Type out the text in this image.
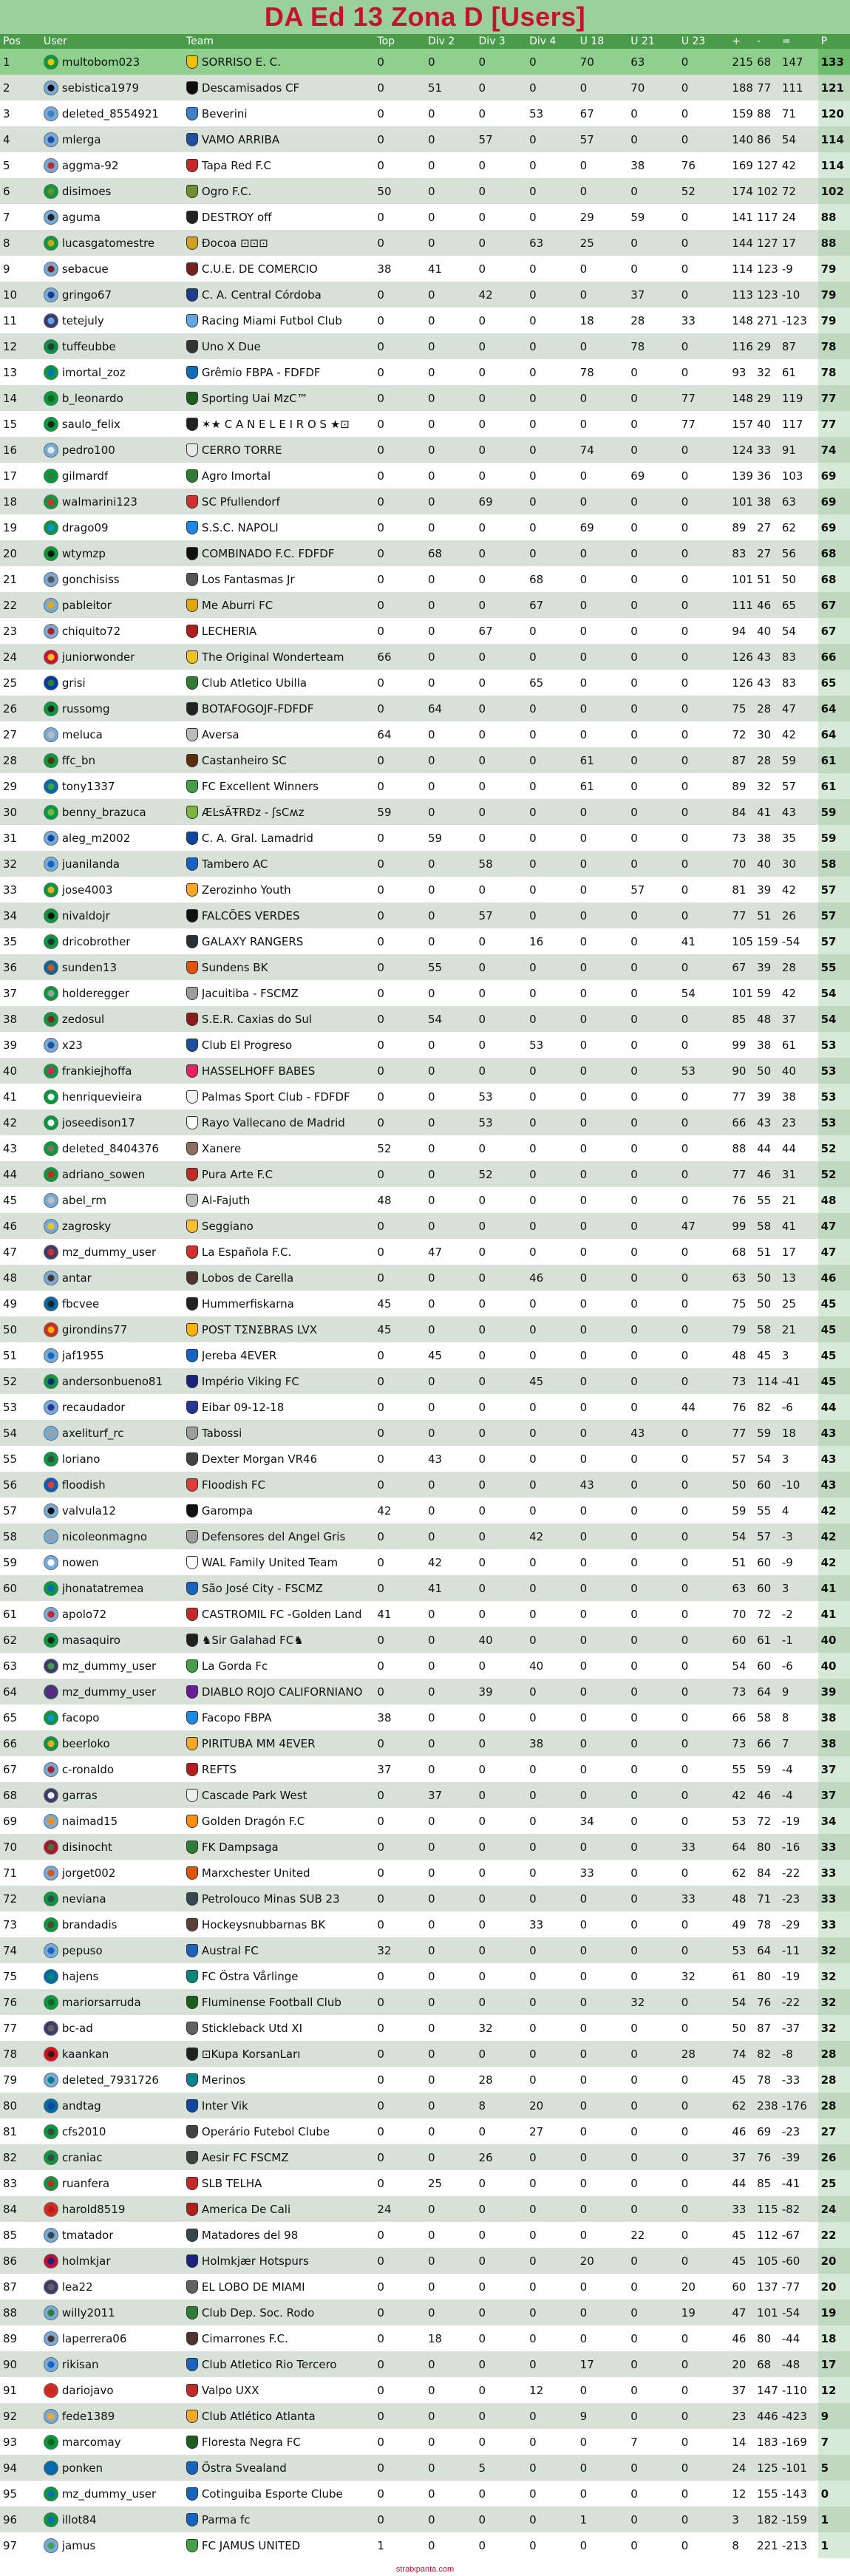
DA Ed 13 Zona D [Users]
Pos	User	Team	Top	Div 2	Div 3	Div 4	U 18	U 21	U 23	+	-	=	P
1	multobom023	SORRISO E. C.	0	0	0	0	70	63	0	215	68	147	133
2	sebistica1979	Descamisados CF	0	51	0	0	0	70	0	188	77	111	121
3	deleted_8554921	Beverini	0	0	0	53	67	0	0	159	88	71	120
4	mlerga	VAMO ARRIBA	0	0	57	0	57	0	0	140	86	54	114
5	aggma-92	Tapa Red F.C	0	0	0	0	0	38	76	169	127	42	114
6	disimoes	Ogro F.C.	50	0	0	0	0	0	52	174	102	72	102
7	aguma	DESTROY off	0	0	0	0	29	59	0	141	117	24	88
8	lucasgatomestre	Đocoa ⊡⊡⊡	0	0	0	63	25	0	0	144	127	17	88
9	sebacue	C.U.E. DE COMERCIO	38	41	0	0	0	0	0	114	123	-9	79
10	gringo67	C. A. Central Córdoba	0	0	42	0	0	37	0	113	123	-10	79
11	tetejuly	Racing Miami Futbol Club	0	0	0	0	18	28	33	148	271	-123	79
12	tuffeubbe	Uno X Due	0	0	0	0	0	78	0	116	29	87	78
13	imortal_zoz	Grêmio FBPA - FDFDF	0	0	0	0	78	0	0	93	32	61	78
14	b_leonardo	Sporting Uai MzC™	0	0	0	0	0	0	77	148	29	119	77
15	saulo_felix	✶★ C A N E L E I R O S ★⊡	0	0	0	0	0	0	77	157	40	117	77
16	pedro100	CERRO TORRE	0	0	0	0	74	0	0	124	33	91	74
17	gilmardf	Agro Imortal	0	0	0	0	0	69	0	139	36	103	69
18	walmarini123	SC Pfullendorf	0	0	69	0	0	0	0	101	38	63	69
19	drago09	S.S.C. NAPOLI	0	0	0	0	69	0	0	89	27	62	69
20	wtymzp	COMBINADO F.C. FDFDF	0	68	0	0	0	0	0	83	27	56	68
21	gonchisiss	Los Fantasmas Jr	0	0	0	68	0	0	0	101	51	50	68
22	pableitor	Me Aburri FC	0	0	0	67	0	0	0	111	46	65	67
23	chiquito72	LECHERIA	0	0	67	0	0	0	0	94	40	54	67
24	juniorwonder	The Original Wonderteam	66	0	0	0	0	0	0	126	43	83	66
25	grisi	Club Atletico Ubilla	0	0	0	65	0	0	0	126	43	83	65
26	russomg	BOTAFOGOJF-FDFDF	0	64	0	0	0	0	0	75	28	47	64
27	meluca	Aversa	64	0	0	0	0	0	0	72	30	42	64
28	ffc_bn	Castanheiro SC	0	0	0	0	61	0	0	87	28	59	61
29	tony1337	FC Excellent Winners	0	0	0	0	61	0	0	89	32	57	61
30	benny_brazuca	ÆĿsÃŦRÐz - ʃsCʍz	59	0	0	0	0	0	0	84	41	43	59
31	aleg_m2002	C. A. Gral. Lamadrid	0	59	0	0	0	0	0	73	38	35	59
32	juanilanda	Tambero AC	0	0	58	0	0	0	0	70	40	30	58
33	jose4003	Zerozinho Youth	0	0	0	0	0	57	0	81	39	42	57
34	nivaldojr	FALCÕES VERDES	0	0	57	0	0	0	0	77	51	26	57
35	dricobrother	GALAXY RANGERS	0	0	0	16	0	0	41	105	159	-54	57
36	sunden13	Sundens BK	0	55	0	0	0	0	0	67	39	28	55
37	holderegger	Jacuitiba - FSCMZ	0	0	0	0	0	0	54	101	59	42	54
38	zedosul	S.E.R. Caxias do Sul	0	54	0	0	0	0	0	85	48	37	54
39	x23	Club El Progreso	0	0	0	53	0	0	0	99	38	61	53
40	frankiejhoffa	HASSELHOFF BABES	0	0	0	0	0	0	53	90	50	40	53
41	henriquevieira	Palmas Sport Club - FDFDF	0	0	53	0	0	0	0	77	39	38	53
42	joseedison17	Rayo Vallecano de Madrid	0	0	53	0	0	0	0	66	43	23	53
43	deleted_8404376	Xanere	52	0	0	0	0	0	0	88	44	44	52
44	adriano_sowen	Pura Arte F.C	0	0	52	0	0	0	0	77	46	31	52
45	abel_rm	Al-Fajuth	48	0	0	0	0	0	0	76	55	21	48
46	zagrosky	Seggiano	0	0	0	0	0	0	47	99	58	41	47
47	mz_dummy_user	La Española F.C.	0	47	0	0	0	0	0	68	51	17	47
48	antar	Lobos de Carella	0	0	0	46	0	0	0	63	50	13	46
49	fbcvee	Hummerfiskarna	45	0	0	0	0	0	0	75	50	25	45
50	girondins77	POST ΤΣΝΣΒRΑS LVX	45	0	0	0	0	0	0	79	58	21	45
51	jaf1955	Jereba 4EVER	0	45	0	0	0	0	0	48	45	3	45
52	andersonbueno81	Império Viking FC	0	0	0	45	0	0	0	73	114	-41	45
53	recaudador	Eibar 09-12-18	0	0	0	0	0	0	44	76	82	-6	44
54	axeliturf_rc	Tabossi	0	0	0	0	0	43	0	77	59	18	43
55	loriano	Dexter Morgan VR46	0	43	0	0	0	0	0	57	54	3	43
56	floodish	Floodish FC	0	0	0	0	43	0	0	50	60	-10	43
57	valvula12	Garompa	42	0	0	0	0	0	0	59	55	4	42
58	nicoleonmagno	Defensores del Angel Gris	0	0	0	42	0	0	0	54	57	-3	42
59	nowen	WAL Family United Team	0	42	0	0	0	0	0	51	60	-9	42
60	jhonatatremea	São José City - FSCMZ	0	41	0	0	0	0	0	63	60	3	41
61	apolo72	CASTROMIL FC -Golden Land	41	0	0	0	0	0	0	70	72	-2	41
62	masaquiro	♞Sir Galahad FC♞	0	0	40	0	0	0	0	60	61	-1	40
63	mz_dummy_user	La Gorda Fc	0	0	0	40	0	0	0	54	60	-6	40
64	mz_dummy_user	DIABLO ROJO CALIFORNIANO	0	0	39	0	0	0	0	73	64	9	39
65	facopo	Facopo FBPA	38	0	0	0	0	0	0	66	58	8	38
66	beerloko	PIRITUBA MM 4EVER	0	0	0	38	0	0	0	73	66	7	38
67	c-ronaldo	REFTS	37	0	0	0	0	0	0	55	59	-4	37
68	garras	Cascade Park West	0	37	0	0	0	0	0	42	46	-4	37
69	naimad15	Golden Dragón F.C	0	0	0	0	34	0	0	53	72	-19	34
70	disinocht	FK Dampsaga	0	0	0	0	0	0	33	64	80	-16	33
71	jorget002	Marxchester United	0	0	0	0	33	0	0	62	84	-22	33
72	neviana	Petrolouco Minas SUB 23	0	0	0	0	0	0	33	48	71	-23	33
73	brandadis	Hockeysnubbarnas BK	0	0	0	33	0	0	0	49	78	-29	33
74	pepuso	Austral FC	32	0	0	0	0	0	0	53	64	-11	32
75	hajens	FC Östra Vårlinge	0	0	0	0	0	0	32	61	80	-19	32
76	mariorsarruda	Fluminense Football Club	0	0	0	0	0	32	0	54	76	-22	32
77	bc-ad	Stickleback Utd XI	0	0	32	0	0	0	0	50	87	-37	32
78	kaankan	⊡Kupa KorsanLarı	0	0	0	0	0	0	28	74	82	-8	28
79	deleted_7931726	Merinos	0	0	28	0	0	0	0	45	78	-33	28
80	andtag	Inter Vik	0	0	8	20	0	0	0	62	238	-176	28
81	cfs2010	Operário Futebol Clube	0	0	0	27	0	0	0	46	69	-23	27
82	craniac	Aesir FC FSCMZ	0	0	26	0	0	0	0	37	76	-39	26
83	ruanfera	SLB TELHA	0	25	0	0	0	0	0	44	85	-41	25
84	harold8519	America De Cali	24	0	0	0	0	0	0	33	115	-82	24
85	tmatador	Matadores del 98	0	0	0	0	0	22	0	45	112	-67	22
86	holmkjar	Holmkjær Hotspurs	0	0	0	0	20	0	0	45	105	-60	20
87	lea22	EL LOBO DE MIAMI	0	0	0	0	0	0	20	60	137	-77	20
88	willy2011	Club Dep. Soc. Rodo	0	0	0	0	0	0	19	47	101	-54	19
89	laperrera06	Cimarrones F.C.	0	18	0	0	0	0	0	46	80	-44	18
90	rikisan	Club Atletico Rio Tercero	0	0	0	0	17	0	0	20	68	-48	17
91	dariojavo	Valpo UXX	0	0	0	12	0	0	0	37	147	-110	12
92	fede1389	Club Atlético Atlanta	0	0	0	0	9	0	0	23	446	-423	9
93	marcomay	Floresta Negra FC	0	0	0	0	0	7	0	14	183	-169	7
94	ponken	Östra Svealand	0	0	5	0	0	0	0	24	125	-101	5
95	mz_dummy_user	Cotinguiba Esporte Clube	0	0	0	0	0	0	0	12	155	-143	0
96	illot84	Parma fc	0	0	0	0	1	0	0	3	182	-159	1
97	jamus	FC JAMUS UNITED	1	0	0	0	0	0	0	8	221	-213	1
stratxpanta.com
